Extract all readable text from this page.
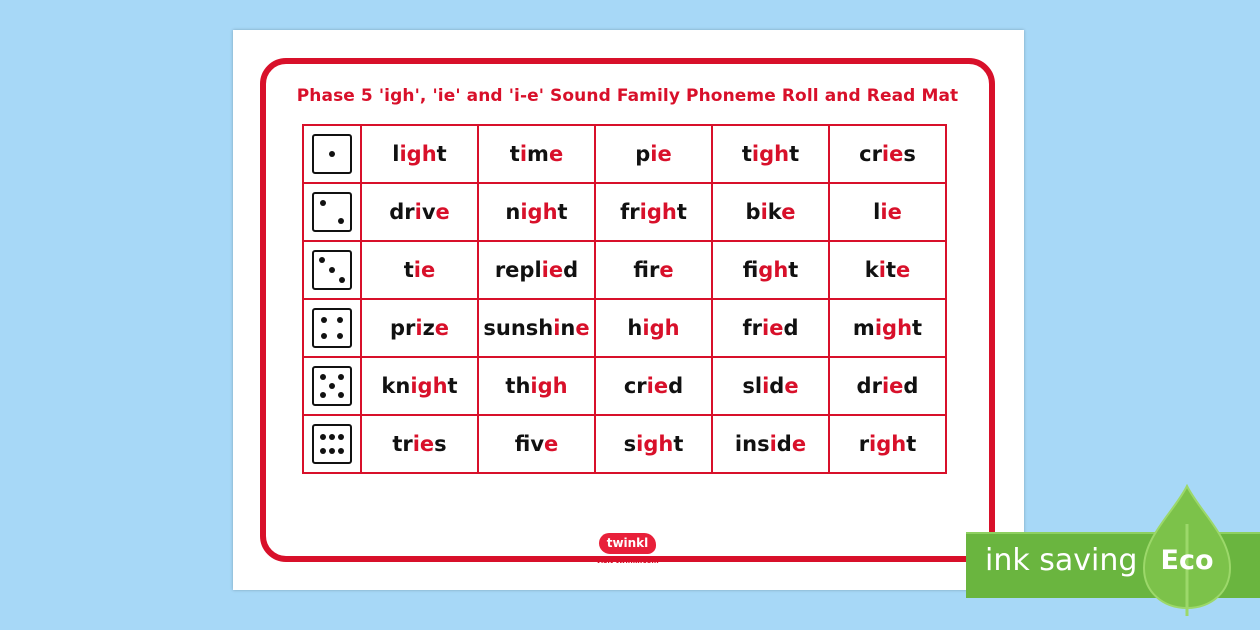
Phase 5 'igh', 'ie' and 'i-e' Sound Family Phoneme Roll and Read Mat
	light	time	pie	tight	cries

	drive	night	fright	bike	lie

	tie	replied	fre	fght	kite

	prize	sunshine	high	fried	might

	knight	thigh	cried	slide	dried

	tries	fve	sight	inside	right
twinkl
visit twinkl.com	ink saving Eco
